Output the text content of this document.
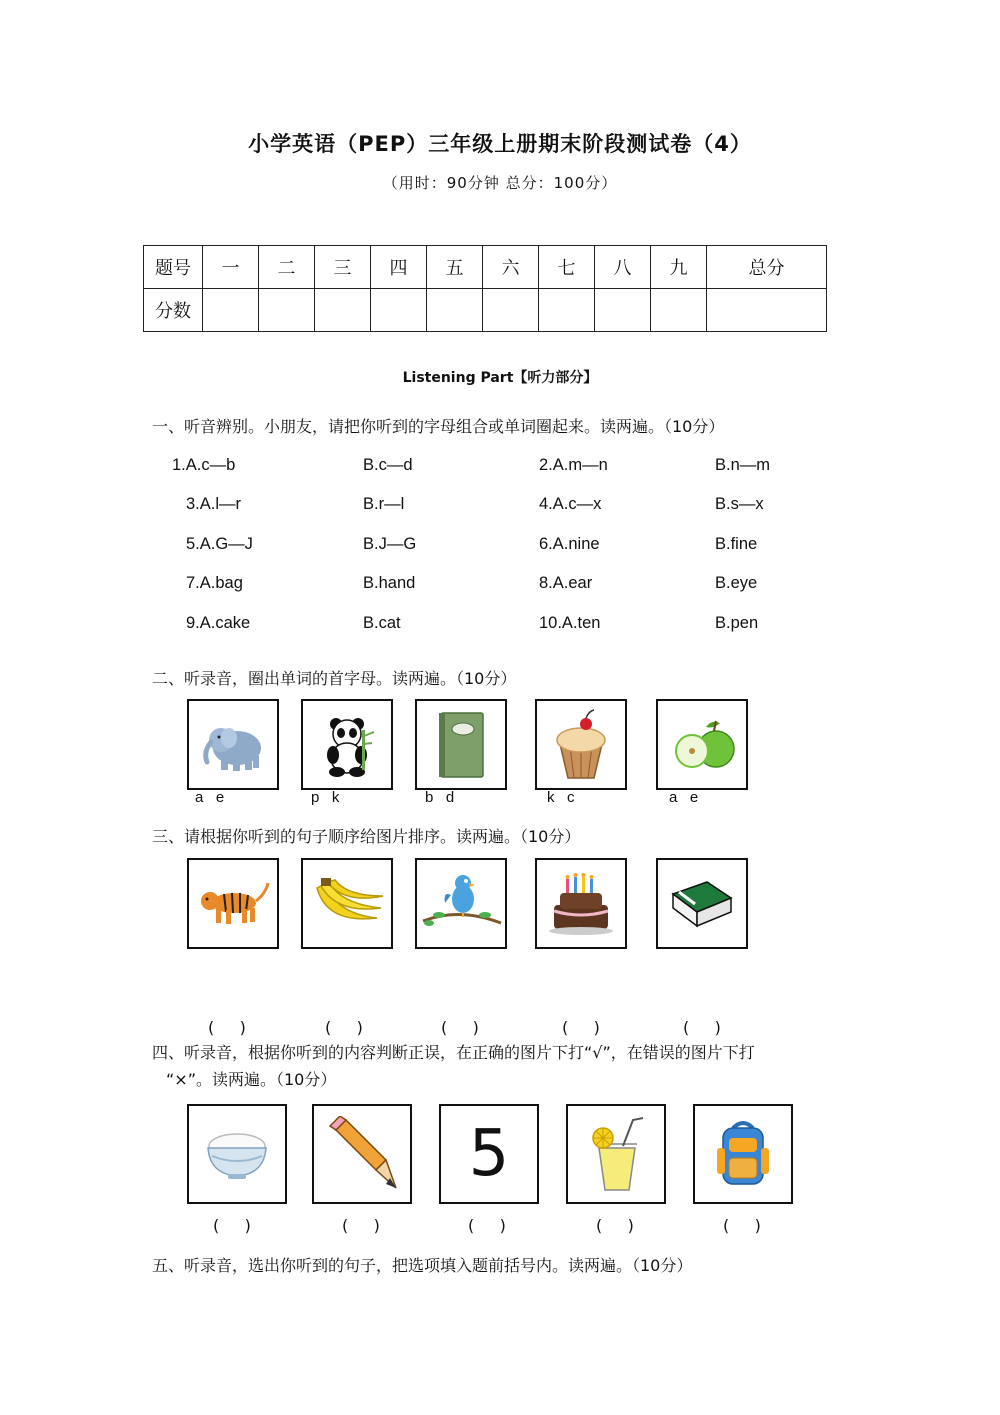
小学英语（PEP）三年级上册期末阶段测试卷（4）
（用时：90分钟 总分：100分）
题号	一	二	三	四	五	六	七	八	九	总分
分数										
Listening Part【听力部分】
一、听音辨别。小朋友，请把你听到的字母组合或单词圈起来。读两遍。（10分）
1.A.c—b	B.c—d	2.A.m—n	B.n—m
3.A.l—r	B.r—l	4.A.c—x	B.s—x
5.A.G—J	B.J—G	6.A.nine	B.fine
7.A.bag	B.hand	8.A.ear	B.eye
9.A.cake	B.cat	10.A.ten	B.pen
二、听录音，圈出单词的首字母。读两遍。（10分）
a   e	p   k	b   d	k   c	a   e
三、请根据你听到的句子顺序给图片排序。读两遍。（10分）
(     )	(     )	(     )	(     )	(     )
四、听录音，根据你听到的内容判断正误，在正确的图片下打“√”，在错误的图片下打
“×”。读两遍。（10分）
5
(     )	(     )	(     )	(     )	(     )
五、听录音，选出你听到的句子，把选项填入题前括号内。读两遍。（10分）
